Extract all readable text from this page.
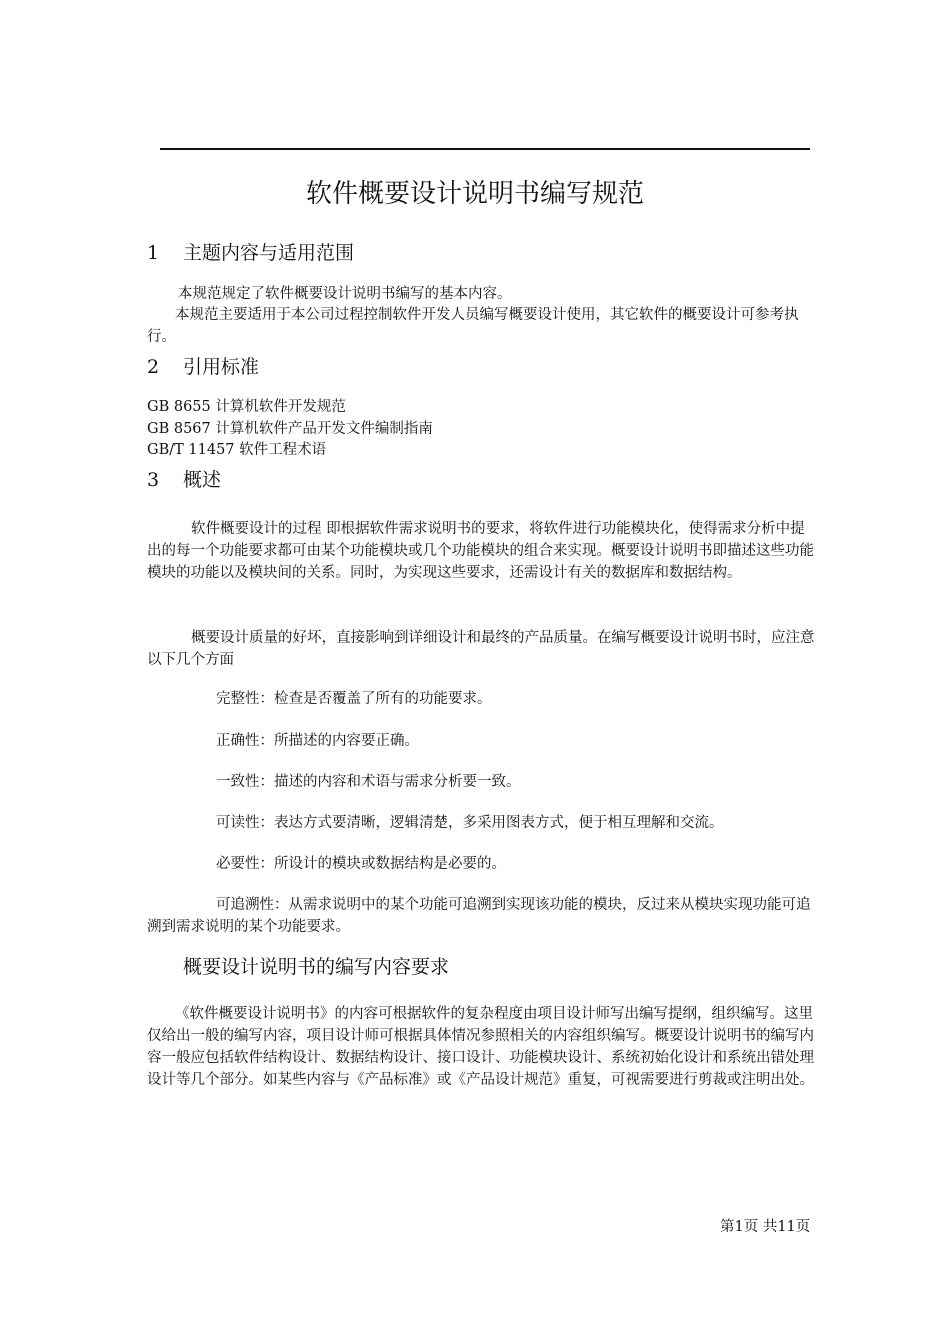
软件概要设计说明书编写规范
1 主题内容与适用范围
本规范规定了软件概要设计说明书编写的基本内容。
本规范主要适用于本公司过程控制软件开发人员编写概要设计使用，其它软件的概要设计可参考执行。
2 引用标准
GB 8655 计算机软件开发规范
GB 8567 计算机软件产品开发文件编制指南
GB/T 11457 软件工程术语
3 概述
软件概要设计的过程 即根据软件需求说明书的要求，将软件进行功能模块化，使得需求分析中提出的每一个功能要求都可由某个功能模块或几个功能模块的组合来实现。概要设计说明书即描述这些功能模块的功能以及模块间的关系。同时，为实现这些要求，还需设计有关的数据库和数据结构。
概要设计质量的好坏，直接影响到详细设计和最终的产品质量。在编写概要设计说明书时，应注意以下几个方面
完整性：检查是否覆盖了所有的功能要求。
正确性：所描述的内容要正确。
一致性：描述的内容和术语与需求分析要一致。
可读性：表达方式要清晰，逻辑清楚，多采用图表方式，便于相互理解和交流。
必要性：所设计的模块或数据结构是必要的。
可追溯性：从需求说明中的某个功能可追溯到实现该功能的模块，反过来从模块实现功能可追溯到需求说明的某个功能要求。
概要设计说明书的编写内容要求
《软件概要设计说明书》的内容可根据软件的复杂程度由项目设计师写出编写提纲，组织编写。这里仅给出一般的编写内容，项目设计师可根据具体情况参照相关的内容组织编写。概要设计说明书的编写内容一般应包括软件结构设计、数据结构设计、接口设计、功能模块设计、系统初始化设计和系统出错处理设计等几个部分。如某些内容与《产品标准》或《产品设计规范》重复，可视需要进行剪裁或注明出处。
第1页 共11页
